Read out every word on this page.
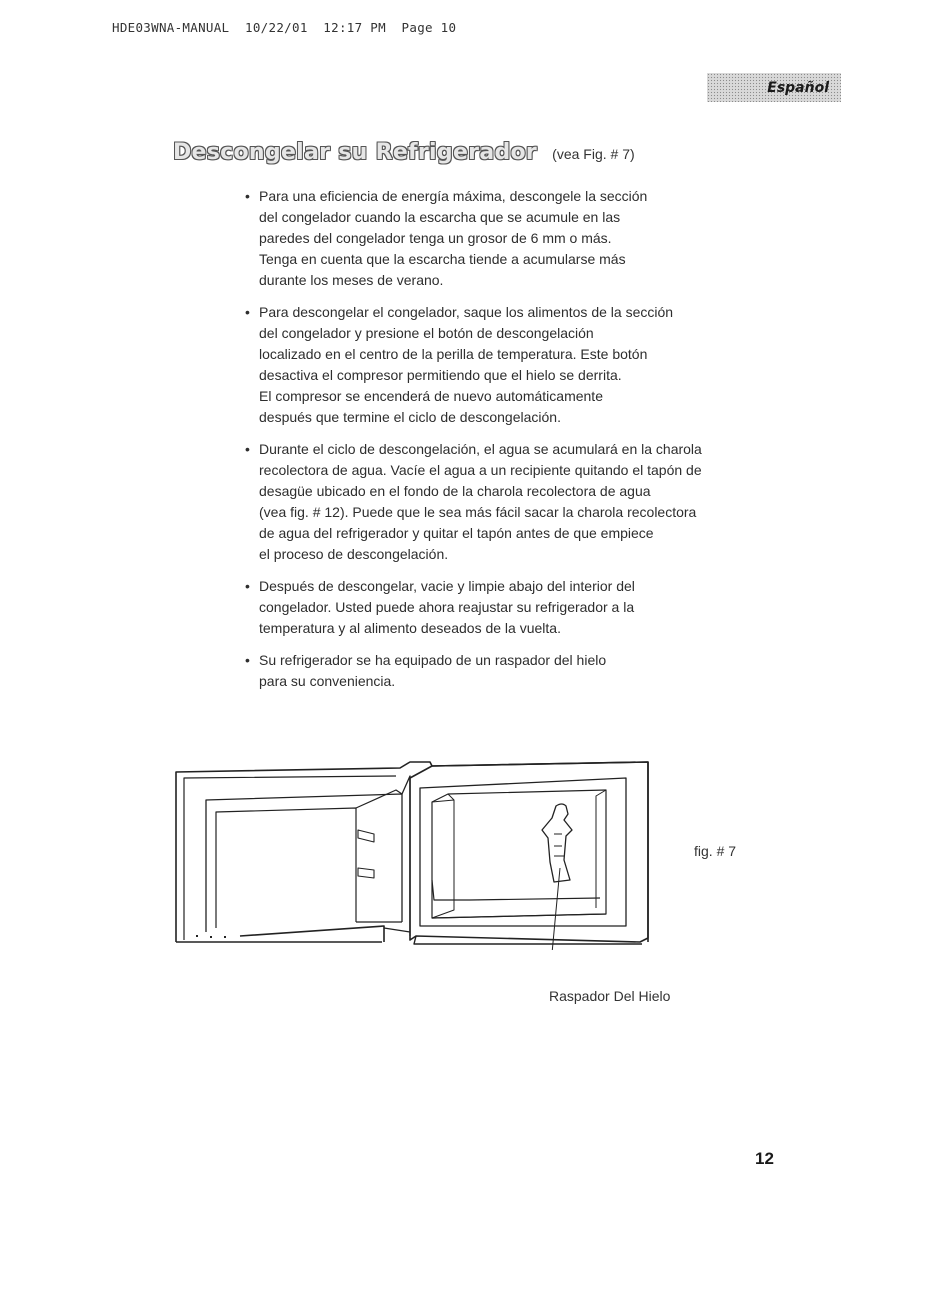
HDE03WNA-MANUAL  10/22/01  12:17 PM  Page 10
Español
Descongelar su Refrigerador (vea Fig. # 7)
• Para una eficiencia de energía máxima, descongele la sección
del congelador cuando la escarcha que se acumule en las
paredes del congelador tenga un grosor de 6 mm o más.
Tenga en cuenta que la escarcha tiende a acumularse más
durante los meses de verano.
• Para descongelar el congelador, saque los alimentos de la sección
del congelador y presione el botón de descongelación
localizado en el centro de la perilla de temperatura. Este botón
desactiva el compresor permitiendo que el hielo se derrita.
El compresor se encenderá de nuevo automáticamente
después que termine el ciclo de descongelación.
• Durante el ciclo de descongelación, el agua se acumulará en la charola
recolectora de agua. Vacíe el agua a un recipiente quitando el tapón de
desagüe ubicado en el fondo de la charola recolectora de agua
(vea fig. # 12). Puede que le sea más fácil sacar la charola recolectora
de agua del refrigerador y quitar el tapón antes de que empiece
el proceso de descongelación.
• Después de descongelar, vacie y limpie abajo del interior del
congelador. Usted puede ahora reajustar su refrigerador a la
temperatura y al alimento deseados de la vuelta.
• Su refrigerador se ha equipado de un raspador del hielo
para su conveniencia.
fig. # 7
Raspador Del Hielo
12
